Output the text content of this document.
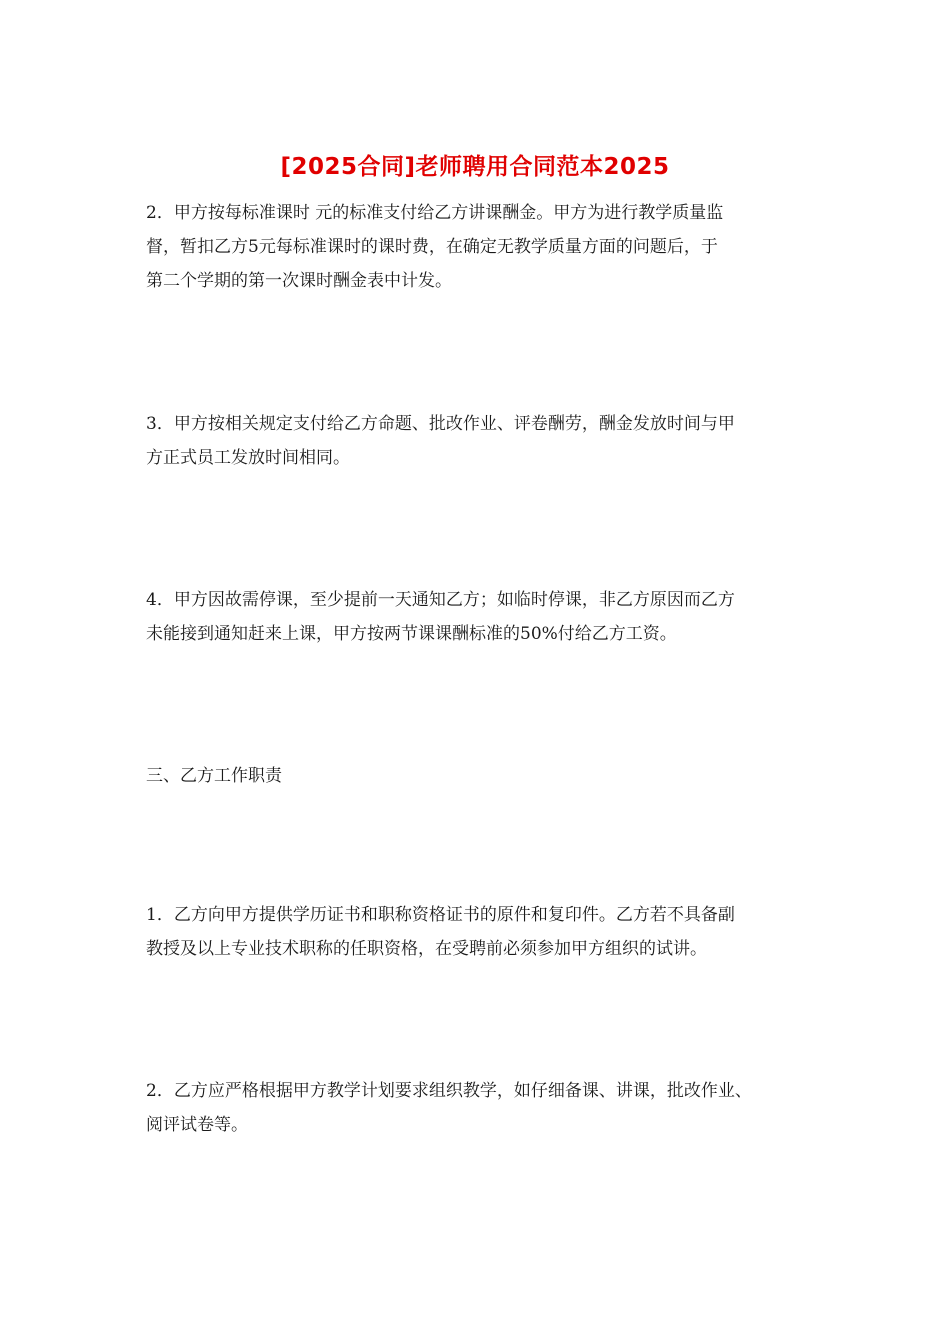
[2025合同]老师聘用合同范本2025
2．甲方按每标准课时 元的标准支付给乙方讲课酬金。甲方为进行教学质量监
督，暂扣乙方5元每标准课时的课时费，在确定无教学质量方面的问题后，于
第二个学期的第一次课时酬金表中计发。
3．甲方按相关规定支付给乙方命题、批改作业、评卷酬劳，酬金发放时间与甲
方正式员工发放时间相同。
4．甲方因故需停课，至少提前一天通知乙方；如临时停课，非乙方原因而乙方
未能接到通知赶来上课，甲方按两节课课酬标准的50%付给乙方工资。
三、乙方工作职责
1．乙方向甲方提供学历证书和职称资格证书的原件和复印件。乙方若不具备副
教授及以上专业技术职称的任职资格，在受聘前必须参加甲方组织的试讲。
2．乙方应严格根据甲方教学计划要求组织教学，如仔细备课、讲课，批改作业、
阅评试卷等。
